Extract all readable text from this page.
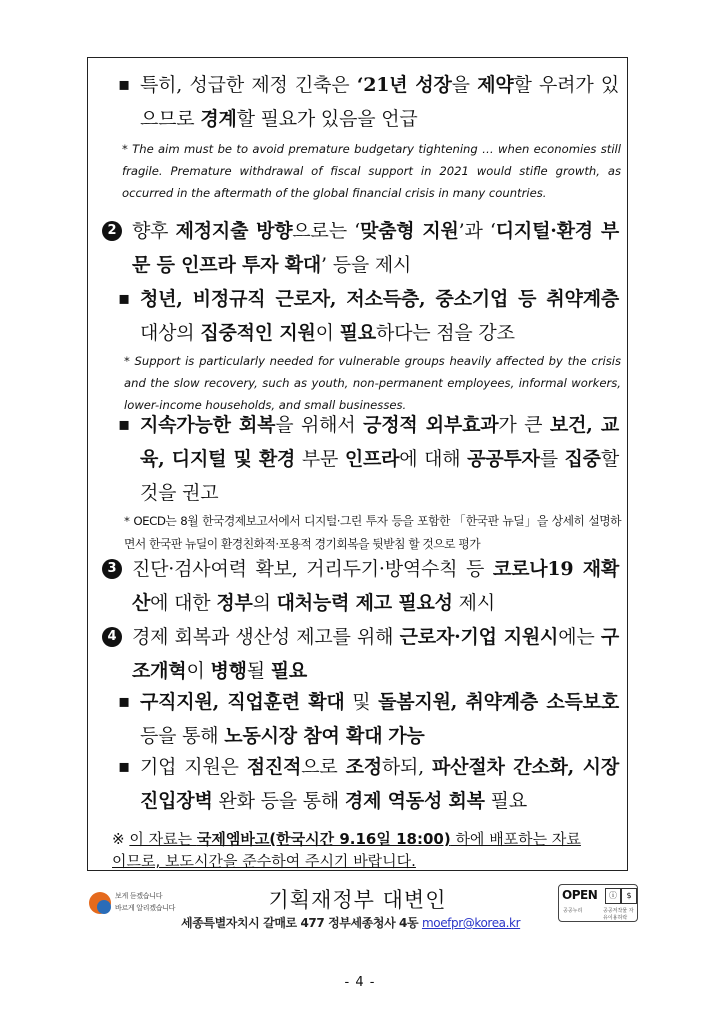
▪ 특히, 성급한 제정 긴축은 ‘21년 성장을 제약할 우려가 있으므로 경계할 필요가 있음을 언급
* The aim must be to avoid premature budgetary tightening … when economies still fragile. Premature withdrawal of fiscal support in 2021 would stifle growth, as occurred in the aftermath of the global financial crisis in many countries.
2 향후 제정지출 방향으로는 ‘맞춤형 지원’과 ‘디지털·환경 부문 등 인프라 투자 확대’ 등을 제시
▪ 청년, 비정규직 근로자, 저소득층, 중소기업 등 취약계층 대상의 집중적인 지원이 필요하다는 점을 강조
* Support is particularly needed for vulnerable groups heavily affected by the crisis and the slow recovery, such as youth, non-permanent employees, informal workers, lower-income households, and small businesses.
▪ 지속가능한 회복을 위해서 긍정적 외부효과가 큰 보건, 교육, 디지털 및 환경 부문 인프라에 대해 공공투자를 집중할 것을 권고
* OECD는 8월 한국경제보고서에서 디지털·그린 투자 등을 포함한 「한국판 뉴딜」을 상세히 설명하면서 한국판 뉴딜이 환경친화적·포용적 경기회복을 뒷받침 할 것으로 평가
3 진단·검사여력 확보, 거리두기·방역수칙 등 코로나19 재확산에 대한 정부의 대처능력 제고 필요성 제시
4 경제 회복과 생산성 제고를 위해 근로자·기업 지원시에는 구조개혁이 병행될 필요
▪ 구직지원, 직업훈련 확대 및 돌봄지원, 취약계층 소득보호 등을 통해 노동시장 참여 확대 가능
▪ 기업 지원은 점진적으로 조정하되, 파산절차 간소화, 시장진입장벽 완화 등을 통해 경제 역동성 회복 필요
※ 이 자료는 국제엠바고(한국시간 9.16일 18:00) 하에 배포하는 자료이므로, 보도시간을 준수하여 주시기 바랍니다.
보게 듣겠습니다
바르게 알리겠습니다	기획재정부 대변인
세종특별자치시 갈매로 477 정부세종청사 4동 moefpr@korea.kr
OPEN	ⓘ	$
공공누리	공공저작물 자유이용허락
- 4 -
